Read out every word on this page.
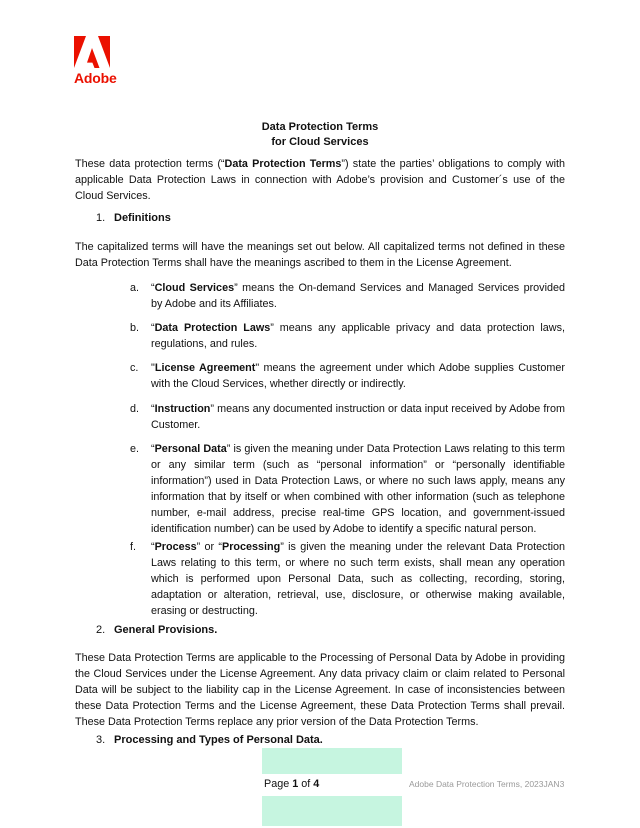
Adobe
Data Protection Terms
for Cloud Services
These data protection terms (“Data Protection Terms”) state the parties’ obligations to comply with applicable Data Protection Laws in connection with Adobe’s provision and Customer´s use of the Cloud Services.
1. Definitions
The capitalized terms will have the meanings set out below. All capitalized terms not defined in these Data Protection Terms shall have the meanings ascribed to them in the License Agreement.
a. “Cloud Services” means the On-demand Services and Managed Services provided by Adobe and its Affiliates.
b. “Data Protection Laws” means any applicable privacy and data protection laws, regulations, and rules.
c. "License Agreement" means the agreement under which Adobe supplies Customer with the Cloud Services, whether directly or indirectly.
d. “Instruction” means any documented instruction or data input received by Adobe from Customer.
e. “Personal Data” is given the meaning under Data Protection Laws relating to this term or any similar term (such as “personal information” or “personally identifiable information”) used in Data Protection Laws, or where no such laws apply, means any information that by itself or when combined with other information (such as telephone number, e-mail address, precise real-time GPS location, and government-issued identification number) can be used by Adobe to identify a specific natural person.
f. “Process” or “Processing” is given the meaning under the relevant Data Protection Laws relating to this term, or where no such term exists, shall mean any operation which is performed upon Personal Data, such as collecting, recording, storing, adaptation or alteration, retrieval, use, disclosure, or otherwise making available, erasing or destructing.
2. General Provisions.
These Data Protection Terms are applicable to the Processing of Personal Data by Adobe in providing the Cloud Services under the License Agreement. Any data privacy claim or claim related to Personal Data will be subject to the liability cap in the License Agreement. In case of inconsistencies between these Data Protection Terms and the License Agreement, these Data Protection Terms shall prevail. These Data Protection Terms replace any prior version of the Data Protection Terms.
3. Processing and Types of Personal Data.
Page 1 of 4	Adobe Data Protection Terms, 2023JAN3
